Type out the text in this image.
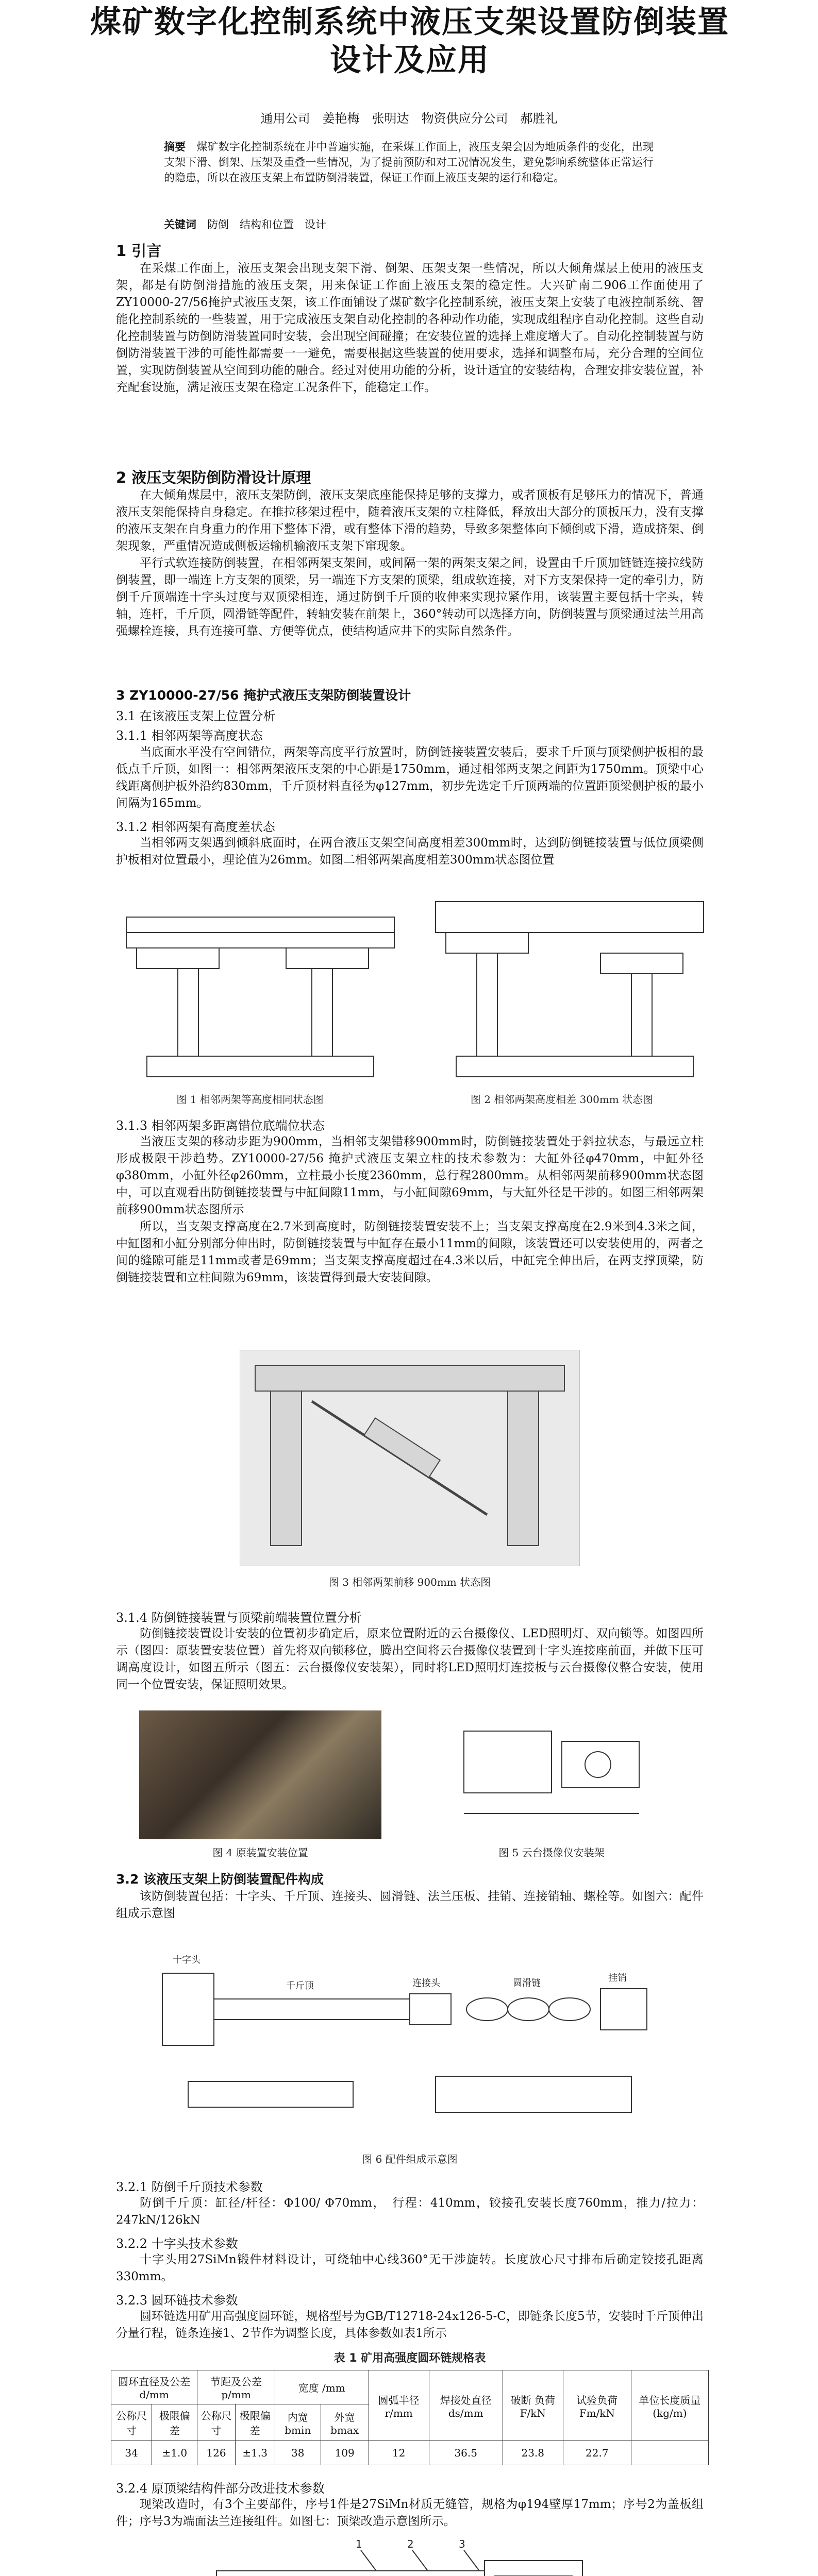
煤矿数字化控制系统中液压支架设置防倒装置设计及应用
通用公司　姜艳梅　张明达　物资供应分公司　郝胜礼
摘要　 煤矿数字化控制系统在井中普遍实施，在采煤工作面上，液压支架会因为地质条件的变化，出现支架下滑、倒架、压架及重叠一些情况，为了提前预防和对工况情况发生，避免影响系统整体正常运行的隐患，所以在液压支架上布置防倒滑装置，保证工作面上液压支架的运行和稳定。
关键词　 防倒　结构和位置　设计
1 引言

在采煤工作面上，液压支架会出现支架下滑、倒架、压架支架一些情况，所以大倾角煤层上使用的液压支架，都是有防倒滑措施的液压支架，用来保证工作面上液压支架的稳定性。大兴矿南二906工作面使用了ZY10000-27/56掩护式液压支架，该工作面铺设了煤矿数字化控制系统，液压支架上安装了电液控制系统、智能化控制系统的一些装置，用于完成液压支架自动化控制的各种动作功能，实现成组程序自动化控制。这些自动化控制装置与防倒防滑装置同时安装，会出现空间碰撞；在安装位置的选择上难度增大了。自动化控制装置与防倒防滑装置干涉的可能性都需要一一避免，需要根据这些装置的使用要求，选择和调整布局，充分合理的空间位置，实现防倒装置从空间到功能的融合。经过对使用功能的分析，设计适宜的安装结构，合理安排安装位置，补充配套设施，满足液压支架在稳定工况条件下，能稳定工作。

2 液压支架防倒防滑设计原理

在大倾角煤层中，液压支架防倒，液压支架底座能保持足够的支撑力，或者顶板有足够压力的情况下，普通液压支架能保持自身稳定。在推拉移架过程中，随着液压支架的立柱降低，释放出大部分的顶板压力，没有支撑的液压支架在自身重力的作用下整体下滑，或有整体下滑的趋势，导致多架整体向下倾倒或下滑，造成挤架、倒架现象，严重情况造成侧板运输机输液压支架下窜现象。

平行式软连接防倒装置，在相邻两架支架间，或间隔一架的两架支架之间，设置由千斤顶加链链连接拉线防倒装置，即一端连上方支架的顶梁，另一端连下方支架的顶梁，组成软连接，对下方支架保持一定的牵引力，防倒千斤顶端连十字头过度与双顶梁相连，通过防倒千斤顶的收伸来实现拉紧作用，该装置主要包括十字头，转轴，连杆，千斤顶，圆滑链等配件，转轴安装在前架上，360°转动可以选择方向，防倒装置与顶梁通过法兰用高强螺栓连接，具有连接可靠、方便等优点，使结构适应井下的实际自然条件。

3 ZY10000-27/56 掩护式液压支架防倒装置设计
3.1 在该液压支架上位置分析
3.1.1 相邻两架等高度状态

当底面水平没有空间错位，两架等高度平行放置时，防倒链接装置安装后，要求千斤顶与顶梁侧护板相的最低点千斤顶，如图一：相邻两架液压支架的中心距是1750mm，通过相邻两支架之间距为1750mm。顶梁中心线距离侧护板外沿约830mm，千斤顶材料直径为φ127mm，初步先选定千斤顶两端的位置距顶梁侧护板的最小间隔为165mm。

3.1.2 相邻两架有高度差状态

当相邻两支架遇到倾斜底面时，在两台液压支架空间高度相差300mm时，达到防倒链接装置与低位顶梁侧护板相对位置最小，理论值为26mm。如图二相邻两架高度相差300mm状态图位置

图 1 相邻两架等高度相同状态图	图 2 相邻两架高度相差 300mm 状态图
3.1.3 相邻两架多距离错位底端位状态

当液压支架的移动步距为900mm，当相邻支架错移900mm时，防倒链接装置处于斜拉状态，与最远立柱形成极限干涉趋势。ZY10000-27/56 掩护式液压支架立柱的技术参数为：大缸外径φ470mm，中缸外径φ380mm，小缸外径φ260mm，立柱最小长度2360mm，总行程2800mm。从相邻两架前移900mm状态图中，可以直观看出防倒链接装置与中缸间隙11mm，与小缸间隙69mm，与大缸外径是干涉的。如图三相邻两架前移900mm状态图所示

所以，当支架支撑高度在2.7米到高度时，防倒链接装置安装不上；当支架支撑高度在2.9米到4.3米之间，中缸图和小缸分别部分伸出时，防倒链接装置与中缸存在最小11mm的间隙，该装置还可以安装使用的，两者之间的缝隙可能是11mm或者是69mm；当支架支撑高度超过在4.3米以后，中缸完全伸出后，在两支撑顶梁，防倒链接装置和立柱间隙为69mm，该装置得到最大安装间隙。

图 3 相邻两架前移 900mm 状态图
3.1.4 防倒链接装置与顶梁前端装置位置分析

防倒链接装置设计安装的位置初步确定后，原来位置附近的云台摄像仪、LED照明灯、双向锁等。如图四所示（图四：原装置安装位置）首先将双向锁移位，腾出空间将云台摄像仪装置到十字头连接座前面，并做下压可调高度设计，如图五所示（图五：云台摄像仪安装架），同时将LED照明灯连接板与云台摄像仪整合安装，使用同一个位置安装，保证照明效果。

图 4 原装置安装位置	图 5 云台摄像仪安装架
3.2 该液压支架上防倒装置配件构成

该防倒装置包括：十字头、千斤顶、连接头、圆滑链、法兰压板、挂销、连接销轴、螺栓等。如图六：配件组成示意图

十字头
千斤顶	连接头	圆滑链	挂销
图 6 配件组成示意图
3.2.1 防倒千斤顶技术参数

防倒千斤顶：缸径/杆径：Φ100/ Φ70mm，　行程：410mm，铰接孔安装长度760mm，推力/拉力：247kN/126kN

3.2.2 十字头技术参数

十字头用27SiMn锻件材料设计，可绕轴中心线360°无干涉旋转。长度放心尺寸排布后确定铰接孔距离330mm。

3.2.3 圆环链技术参数

圆环链选用矿用高强度圆环链，规格型号为GB/T12718-24x126-5-C，即链条长度5节，安装时千斤顶伸出分量行程，链条连接1、2节作为调整长度，具体参数如表1所示

表 1 矿用高强度圆环链规格表
圆环直径及公差 d/mm		节距及公差 p/mm		宽度 /mm		圆弧半径 r/mm	焊接处直径 ds/mm	破断 负荷 F/kN	试验负荷 Fm/kN	单位长度质量(kg/m)
公称尺寸	极限偏差	公称尺寸	极限偏差	内宽 bmin	外宽 bmax					
34	±1.0	126	±1.3	38	109	12	36.5	23.8	22.7	
3.2.4 原顶梁结构件部分改进技术参数

现梁改造时，有3个主要部件，序号1件是27SiMn材质无缝管，规格为φ194壁厚17mm；序号2为盖板组件；序号3为端面法兰连接组件。如图七：顶梁改造示意图所示。

1	2	3
